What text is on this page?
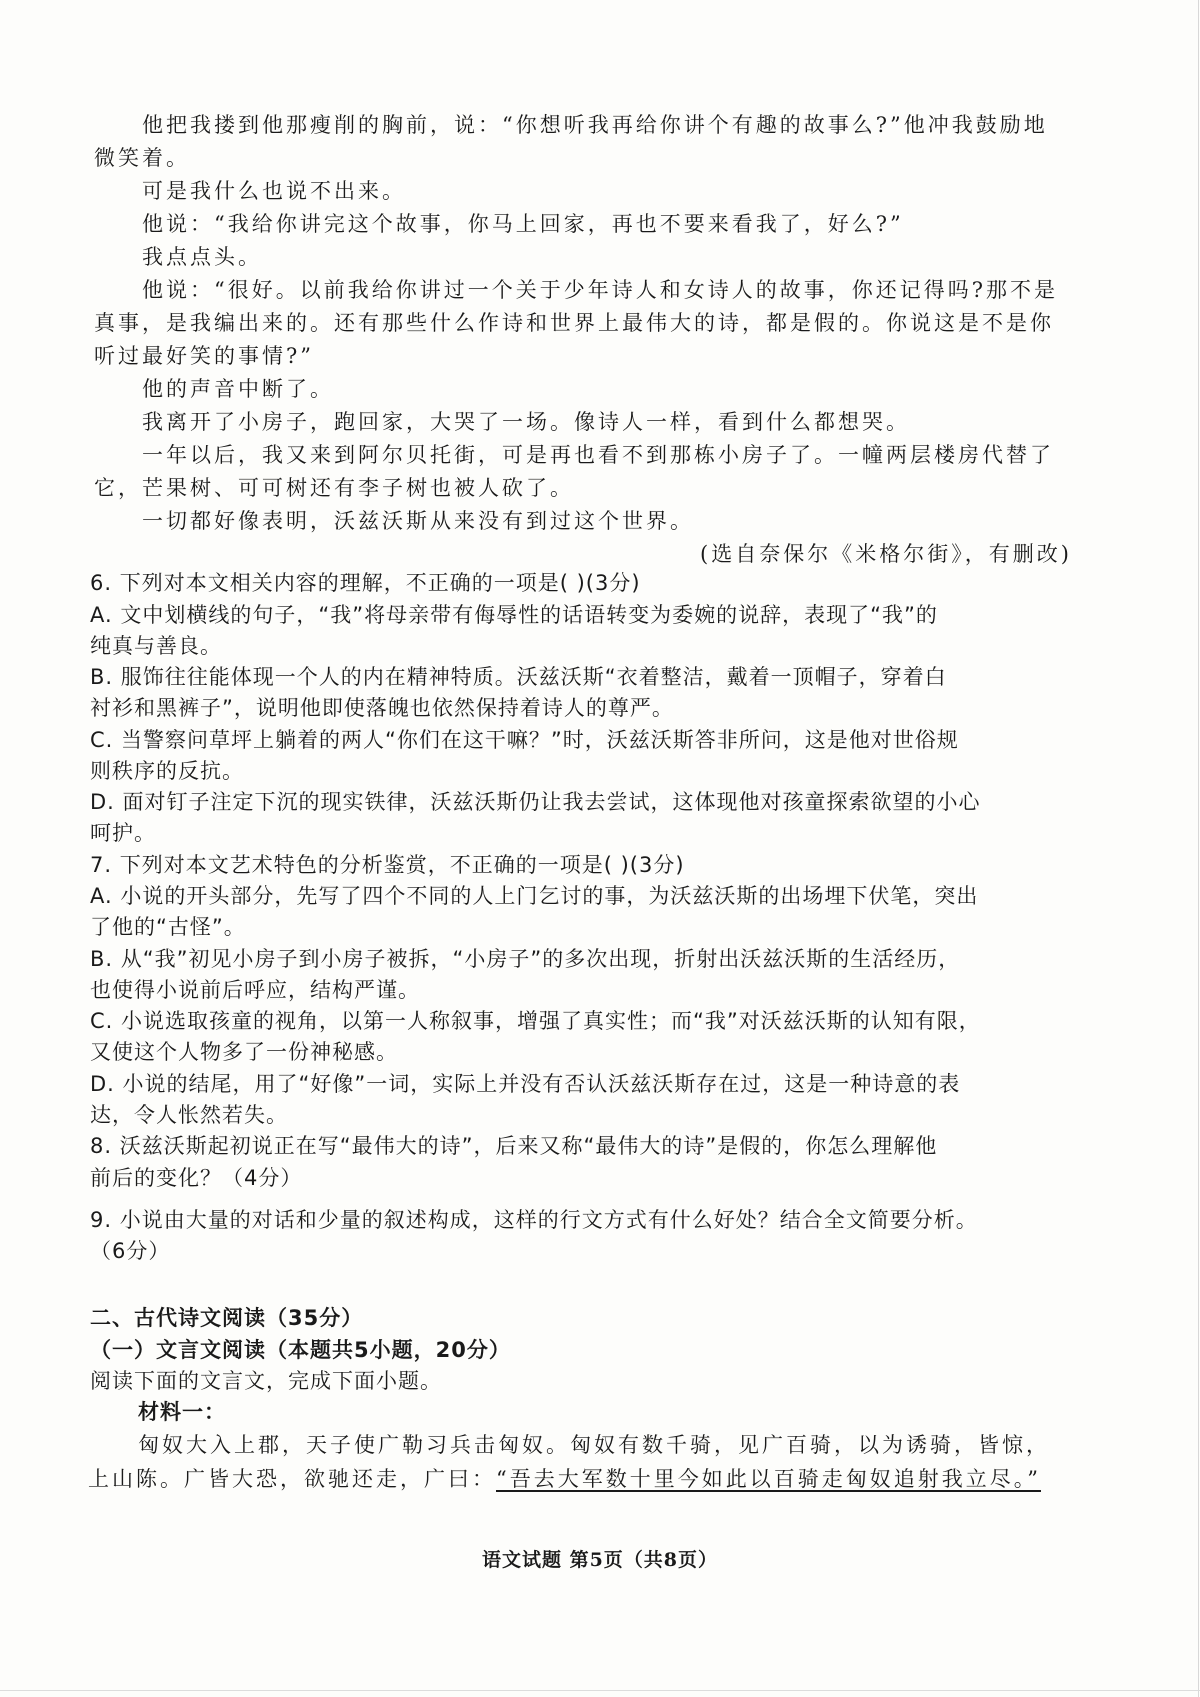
他把我搂到他那瘦削的胸前，说：“你想听我再给你讲个有趣的故事么?”他冲我鼓励地
微笑着。
可是我什么也说不出来。
他说：“我给你讲完这个故事，你马上回家，再也不要来看我了，好么?”
我点点头。
他说：“很好。以前我给你讲过一个关于少年诗人和女诗人的故事，你还记得吗?那不是
真事，是我编出来的。还有那些什么作诗和世界上最伟大的诗，都是假的。你说这是不是你
听过最好笑的事情?”
他的声音中断了。
我离开了小房子，跑回家，大哭了一场。像诗人一样，看到什么都想哭。
一年以后，我又来到阿尔贝托街，可是再也看不到那栋小房子了。一幢两层楼房代替了
它，芒果树、可可树还有李子树也被人砍了。
一切都好像表明，沃兹沃斯从来没有到过这个世界。
(选自奈保尔《米格尔街》，有删改)
6. 下列对本文相关内容的理解，不正确的一项是( )(3分)
A. 文中划横线的句子，“我”将母亲带有侮辱性的话语转变为委婉的说辞，表现了“我”的
纯真与善良。
B. 服饰往往能体现一个人的内在精神特质。沃兹沃斯“衣着整洁，戴着一顶帽子，穿着白
衬衫和黑裤子”，说明他即使落魄也依然保持着诗人的尊严。
C. 当警察问草坪上躺着的两人“你们在这干嘛？”时，沃兹沃斯答非所问，这是他对世俗规
则秩序的反抗。
D. 面对钉子注定下沉的现实铁律，沃兹沃斯仍让我去尝试，这体现他对孩童探索欲望的小心
呵护。
7. 下列对本文艺术特色的分析鉴赏，不正确的一项是( )(3分)
A. 小说的开头部分，先写了四个不同的人上门乞讨的事，为沃兹沃斯的出场埋下伏笔，突出
了他的“古怪”。
B. 从“我”初见小房子到小房子被拆，“小房子”的多次出现，折射出沃兹沃斯的生活经历，
也使得小说前后呼应，结构严谨。
C. 小说选取孩童的视角，以第一人称叙事，增强了真实性；而“我”对沃兹沃斯的认知有限，
又使这个人物多了一份神秘感。
D. 小说的结尾，用了“好像”一词，实际上并没有否认沃兹沃斯存在过，这是一种诗意的表
达，令人怅然若失。
8. 沃兹沃斯起初说正在写“最伟大的诗”，后来又称“最伟大的诗”是假的，你怎么理解他
前后的变化？（4分）
9. 小说由大量的对话和少量的叙述构成，这样的行文方式有什么好处？结合全文简要分析。
（6分）
二、古代诗文阅读（35分）
（一）文言文阅读（本题共5小题，20分）
阅读下面的文言文，完成下面小题。
材料一：
匈奴大入上郡，天子使广勒习兵击匈奴。匈奴有数千骑，见广百骑，以为诱骑，皆惊，
上山陈。广皆大恐，欲驰还走，广曰：“吾去大军数十里今如此以百骑走匈奴追射我立尽。”
语文试题 第5页（共8页）
